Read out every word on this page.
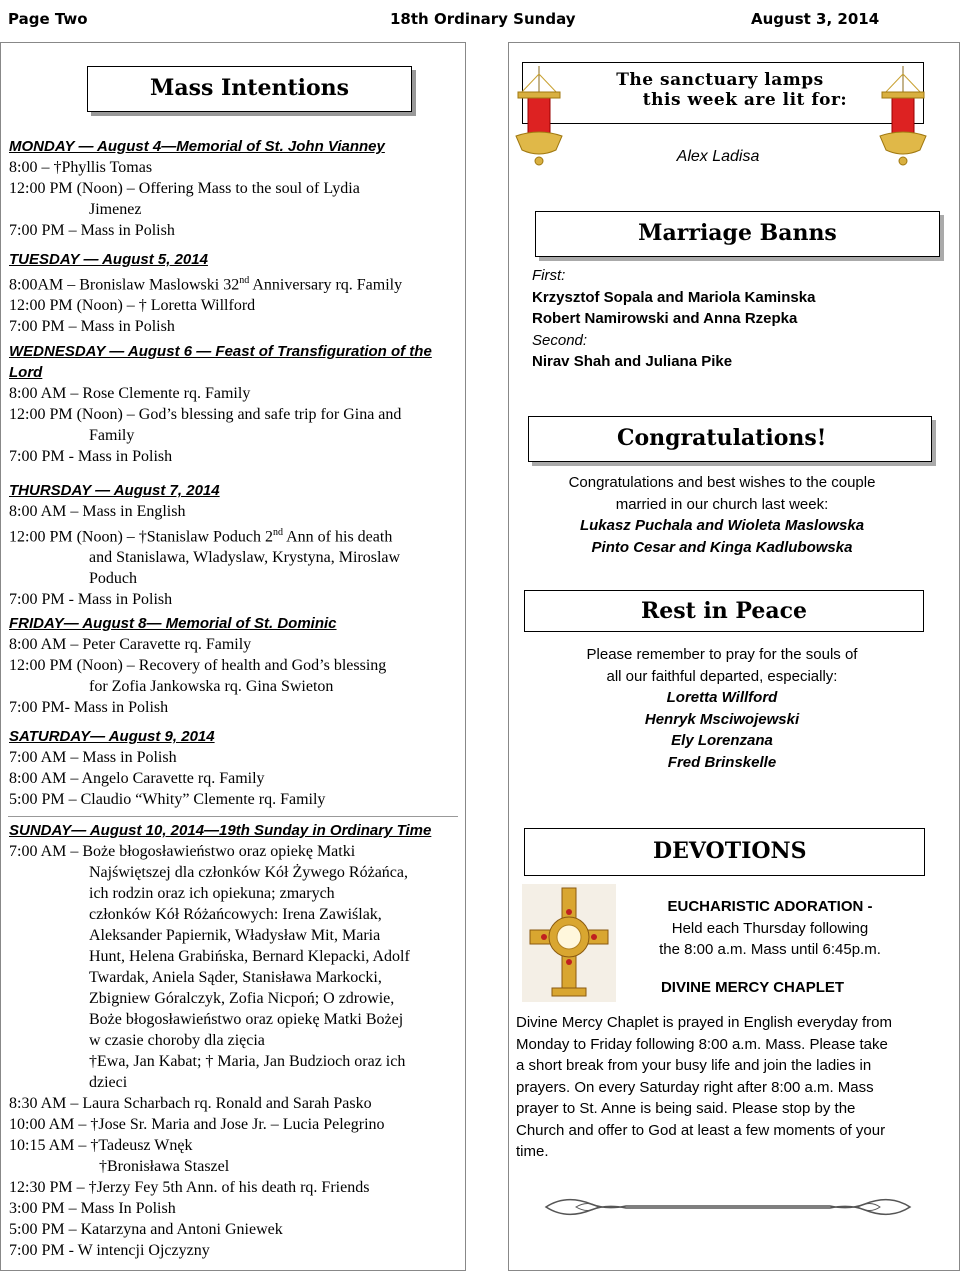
Page Two	18th Ordinary Sunday	August 3, 2014
Mass Intentions
MONDAY — August 4—Memorial of St. John Vianney
8:00 – †Phyllis Tomas
12:00 PM (Noon) – Offering Mass to the soul of Lydia
Jimenez
7:00 PM – Mass in Polish
TUESDAY — August 5, 2014
8:00AM – Bronislaw Maslowski 32nd Anniversary rq. Family
12:00 PM (Noon) – † Loretta Willford
7:00 PM – Mass in Polish
WEDNESDAY — August 6 — Feast of Transfiguration of the
Lord
8:00 AM – Rose Clemente rq. Family
12:00 PM (Noon) – God’s blessing and safe trip for Gina and
Family
7:00 PM - Mass in Polish
THURSDAY — August 7, 2014
8:00 AM – Mass in English
12:00 PM (Noon) – †Stanislaw Poduch 2nd Ann of his death
and Stanislawa, Wladyslaw, Krystyna, Miroslaw
Poduch
7:00 PM - Mass in Polish
FRIDAY— August 8— Memorial of St. Dominic
8:00 AM – Peter Caravette rq. Family
12:00 PM (Noon) – Recovery of health and God’s blessing
for Zofia Jankowska rq. Gina Swieton
7:00 PM- Mass in Polish
SATURDAY— August 9, 2014
7:00 AM – Mass in Polish
8:00 AM – Angelo Caravette rq. Family
5:00 PM – Claudio “Whity” Clemente rq. Family
SUNDAY— August 10, 2014—19th Sunday in Ordinary Time
7:00 AM – Boże błogosławieństwo oraz opiekę Matki
Najświętszej dla członków Kół Żywego Różańca,
ich rodzin oraz ich opiekuna; zmarych
członków Kół Różańcowych: Irena Zawiślak,
Aleksander Papiernik, Władysław Mit, Maria
Hunt, Helena Grabińska, Bernard Klepacki, Adolf
Twardak, Aniela Sąder, Stanisława Markocki,
Zbigniew Góralczyk, Zofia Nicpoń; O zdrowie,
Boże błogosławieństwo oraz opiekę Matki Bożej
w czasie choroby dla zięcia
†Ewa, Jan Kabat; † Maria, Jan Budzioch oraz ich
dzieci
8:30 AM – Laura Scharbach rq. Ronald and Sarah Pasko
10:00 AM – †Jose Sr. Maria and Jose Jr. – Lucia Pelegrino
10:15 AM – †Tadeusz Wnęk
†Bronisława Staszel
12:30 PM – †Jerzy Fey 5th Ann. of his death rq. Friends
3:00 PM – Mass In Polish
5:00 PM – Katarzyna and Antoni Gniewek
7:00 PM - W intencji Ojczyzny
The sanctuary lamps
this week are lit for:
Alex Ladisa
Marriage Banns
First:
Krzysztof Sopala and Mariola Kaminska
Robert Namirowski and Anna Rzepka
Second:
Nirav Shah and Juliana Pike
Congratulations!
Congratulations and best wishes to the couple
married in our church last week:
Lukasz Puchala and Wioleta Maslowska
Pinto Cesar and Kinga Kadlubowska
Rest in Peace
Please remember to pray for the souls of
all our faithful departed, especially:
Loretta Willford
Henryk Msciwojewski
Ely Lorenzana
Fred Brinskelle
DEVOTIONS
EUCHARISTIC ADORATION -
Held each Thursday following
the 8:00 a.m. Mass until 6:45p.m.
DIVINE MERCY CHAPLET
Divine Mercy Chaplet is prayed in English everyday from
Monday to Friday following 8:00 a.m. Mass. Please take
a short break from your busy life and join the ladies in
prayers. On every Saturday right after 8:00 a.m. Mass
prayer to St. Anne is being said. Please stop by the
Church and offer to God at least a few moments of your
time.
